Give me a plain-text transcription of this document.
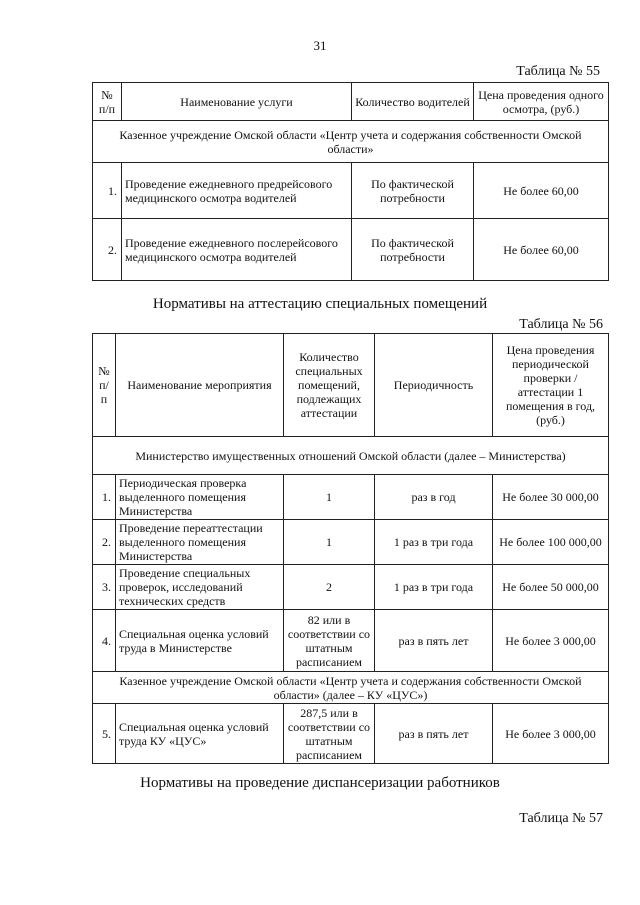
31
Таблица № 55
№ п/п	Наименование услуги	Количество водителей	Цена проведения одного осмотра, (руб.)
Казенное учреждение Омской области «Центр учета и содержания собственности Омской области»			
1.	Проведение ежедневного предрейсового медицинского осмотра водителей	По фактической потребности	Не более 60,00
2.	Проведение ежедневного послерейсового медицинского осмотра водителей	По фактической потребности	Не более 60,00
Нормативы на аттестацию специальных помещений
Таблица № 56
№ п/п	Наименование мероприятия	Количество специальных помещений, подлежащих аттестации	Периодичность	Цена проведения периодической проверки / аттестации 1 помещения в год, (руб.)
Министерство имущественных отношений Омской области (далее – Министерства)				
1.	Периодическая проверка выделенного помещения Министерства	1	раз в год	Не более 30 000,00
2.	Проведение переаттестации выделенного помещения Министерства	1	1 раз в три года	Не более 100 000,00
3.	Проведение специальных проверок, исследований технических средств	2	1 раз в три года	Не более 50 000,00
4.	Специальная оценка условий труда в Министерстве	82 или в соответствии со штатным расписанием	раз в пять лет	Не более 3 000,00
Казенное учреждение Омской области «Центр учета и содержания собственности Омской области» (далее – КУ «ЦУС»)				
5.	Специальная оценка условий труда КУ «ЦУС»	287,5 или в соответствии со штатным расписанием	раз в пять лет	Не более 3 000,00
Нормативы на проведение диспансеризации работников
Таблица № 57
